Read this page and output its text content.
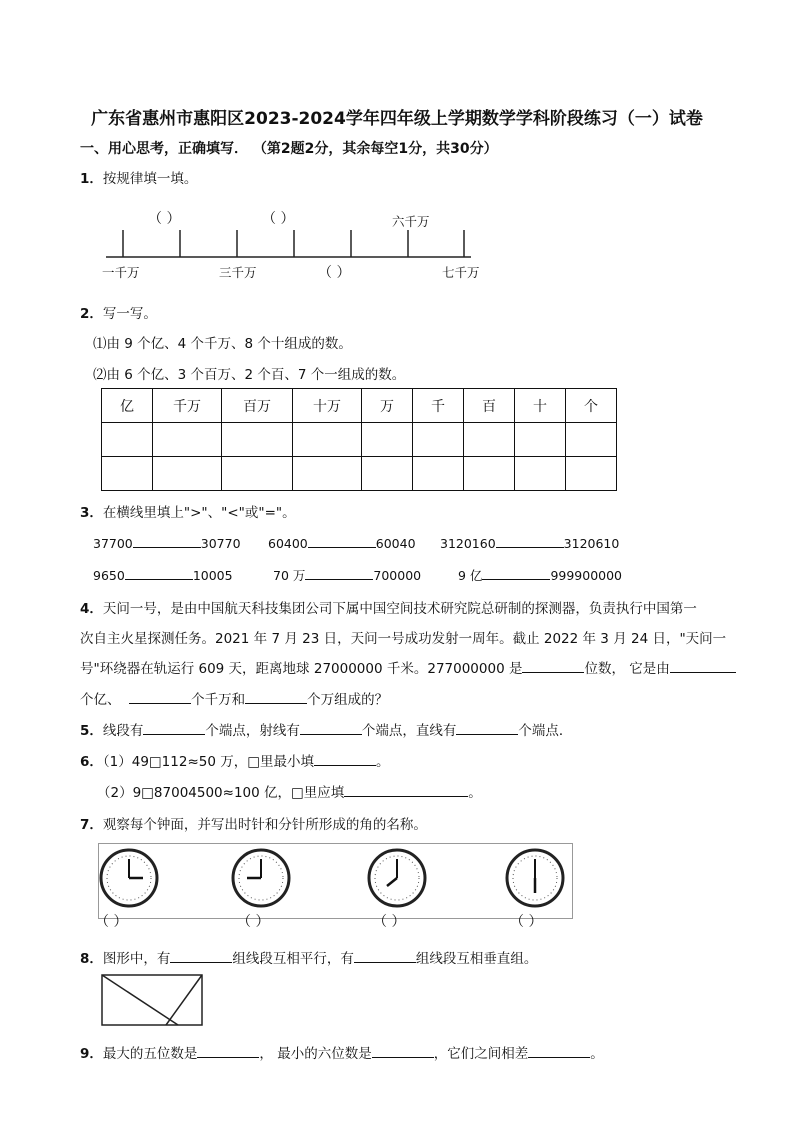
广东省惠州市惠阳区2023-2024学年四年级上学期数学学科阶段练习（一）试卷
一、用心思考，正确填写． （第2题2分，其余每空1分，共30分）
1．按规律填一填。
（ ）	（ ）	六千万
一千万	三千万	（ ）	七千万
2．写一写。
⑴由 9 个亿、4 个千万、8 个十组成的数。
⑵由 6 个亿、3 个百万、2 个百、7 个一组成的数。
亿	千万	百万	十万	万	千	百	十	个

3．在横线里填上">"、"<"或"="。
37700	30770 60400	60040 3120160	3120610
9650	10005	70 万	700000	9 亿	999900000
4．天问一号，是由中国航天科技集团公司下属中国空间技术研究院总研制的探测器，负责执行中国第一
次自主火星探测任务。2021 年 7 月 23 日，天问一号成功发射一周年。截止 2022 年 3 月 24 日，"天问一
号"环绕器在轨运行 609 天，距离地球 27000000 千米。277000000 是	位数， 它是由
个亿、	个千万和	个万组成的？
5．线段有	个端点，射线有	个端点，直线有	个端点．
6．（1）49□112≈50 万，□里最小填	。
（2）9□87004500≈100 亿，□里应填	。
7．观察每个钟面，并写出时针和分针所形成的角的名称。
（ ）	（ ）	（ ）	（ ）
8．图形中，有	组线段互相平行，有	组线段互相垂直组。
9．最大的五位数是	， 最小的六位数是	，它们之间相差	。
